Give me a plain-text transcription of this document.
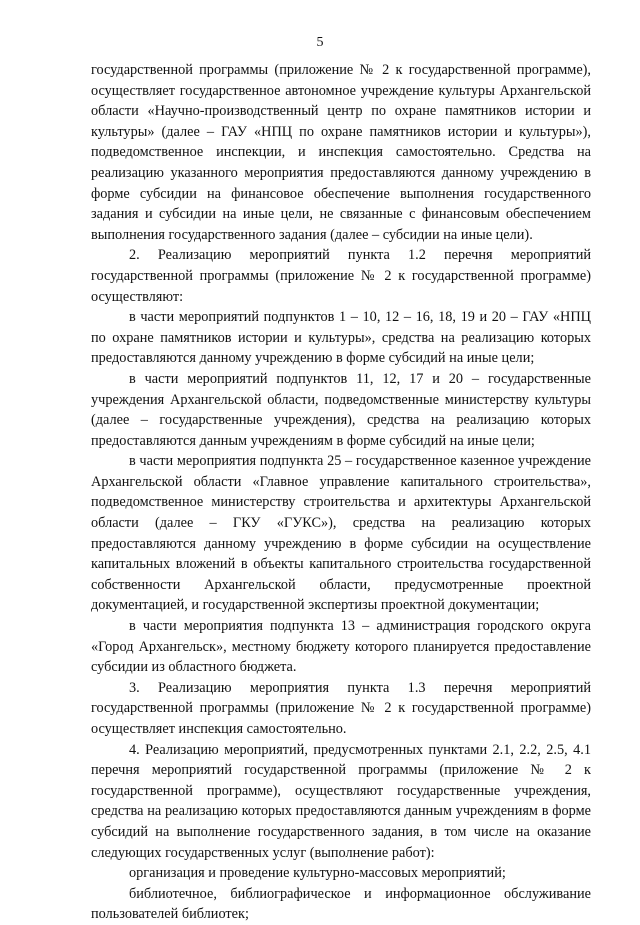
5

государственной программы (приложение № 2 к государственной программе), осуществляет государственное автономное учреждение культуры Архангельской области «Научно-производственный центр по охране памятников истории и культуры» (далее – ГАУ «НПЦ по охране памятников истории и культуры»), подведомственное инспекции, и инспекция самостоятельно. Средства на реализацию указанного мероприятия предоставляются данному учреждению в форме субсидии на финансовое обеспечение выполнения государственного задания и субсидии на иные цели, не связанные с финансовым обеспечением выполнения государственного задания (далее – субсидии на иные цели).

2. Реализацию мероприятий пункта 1.2 перечня мероприятий государственной программы (приложение № 2 к государственной программе) осуществляют:

в части мероприятий подпунктов 1 – 10, 12 – 16, 18, 19 и 20 – ГАУ «НПЦ по охране памятников истории и культуры», средства на реализацию которых предоставляются данному учреждению в форме субсидий на иные цели;

в части мероприятий подпунктов 11, 12, 17 и 20 – государственные учреждения Архангельской области, подведомственные министерству культуры (далее – государственные учреждения), средства на реализацию которых предоставляются данным учреждениям в форме субсидий на иные цели;

в части мероприятия подпункта 25 – государственное казенное учреждение Архангельской области «Главное управление капитального строительства», подведомственное министерству строительства и архитектуры Архангельской области (далее – ГКУ «ГУКС»), средства на реализацию которых предоставляются данному учреждению в форме субсидии на осуществление капитальных вложений в объекты капитального строительства государственной собственности Архангельской области, предусмотренные проектной документацией, и государственной экспертизы проектной документации;

в части мероприятия подпункта 13 – администрация городского округа «Город Архангельск», местному бюджету которого планируется предоставление субсидии из областного бюджета.

3. Реализацию мероприятия пункта 1.3 перечня мероприятий государственной программы (приложение № 2 к государственной программе) осуществляет инспекция самостоятельно.

4. Реализацию мероприятий, предусмотренных пунктами 2.1, 2.2, 2.5, 4.1 перечня мероприятий государственной программы (приложение № 2 к государственной программе), осуществляют государственные учреждения, средства на реализацию которых предоставляются данным учреждениям в форме субсидий на выполнение государственного задания, в том числе на оказание следующих государственных услуг (выполнение работ):

организация и проведение культурно-массовых мероприятий;

библиотечное, библиографическое и информационное обслуживание пользователей библиотек;
